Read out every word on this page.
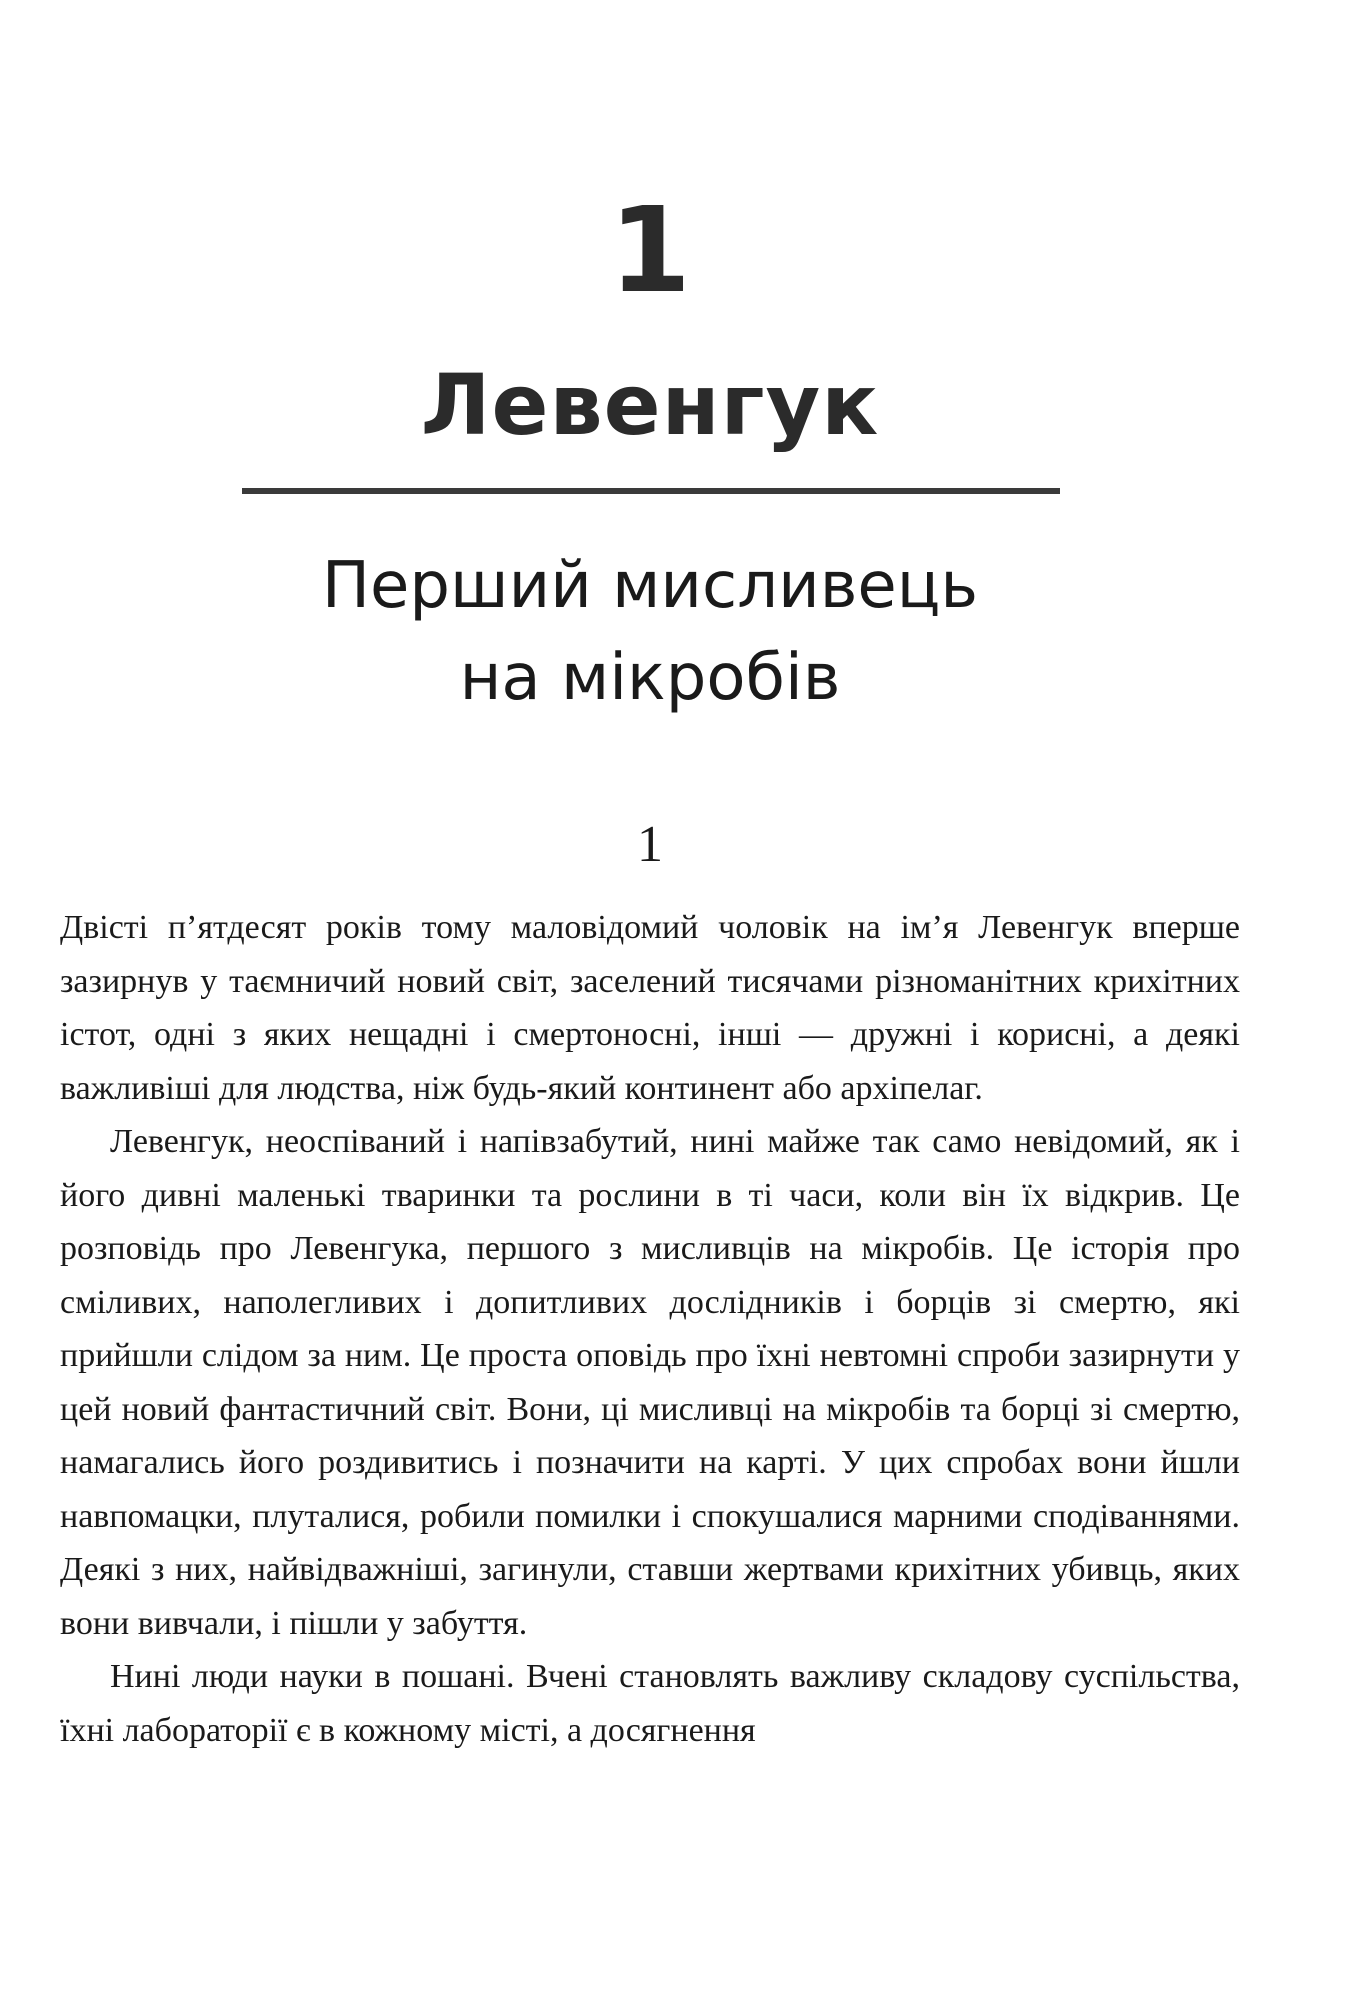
1
Левенгук
Перший мисливець
на мікробів
1

Двісті п’ятдесят років тому маловідомий чоловік на ім’я Левенгук вперше зазирнув у таємничий новий світ, заселений тисячами різноманітних крихітних істот, одні з яких нещадні і смертоносні, інші — дружні і корисні, а деякі важливіші для людства, ніж будь-який континент або архіпелаг.

Левенгук, неоспіваний і напівзабутий, нині майже так само невідомий, як і його дивні маленькі тваринки та рослини в ті часи, коли він їх відкрив. Це розповідь про Левенгука, першого з мисливців на мікробів. Це історія про сміливих, наполегливих і допитливих дослідників і борців зі смертю, які прийшли слідом за ним. Це проста оповідь про їхні невтомні спроби зазирнути у цей новий фантастичний світ. Вони, ці мисливці на мікробів та борці зі смертю, намагались його роздивитись і позначити на карті. У цих спробах вони йшли навпомацки, плуталися, робили помилки і спокушалися марними сподіваннями. Деякі з них, найвідважніші, загинули, ставши жертвами крихітних убивць, яких вони вивчали, і пішли у забуття.

Нині люди науки в пошані. Вчені становлять важливу складову суспільства, їхні лабораторії є в кожному місті, а досягнення
